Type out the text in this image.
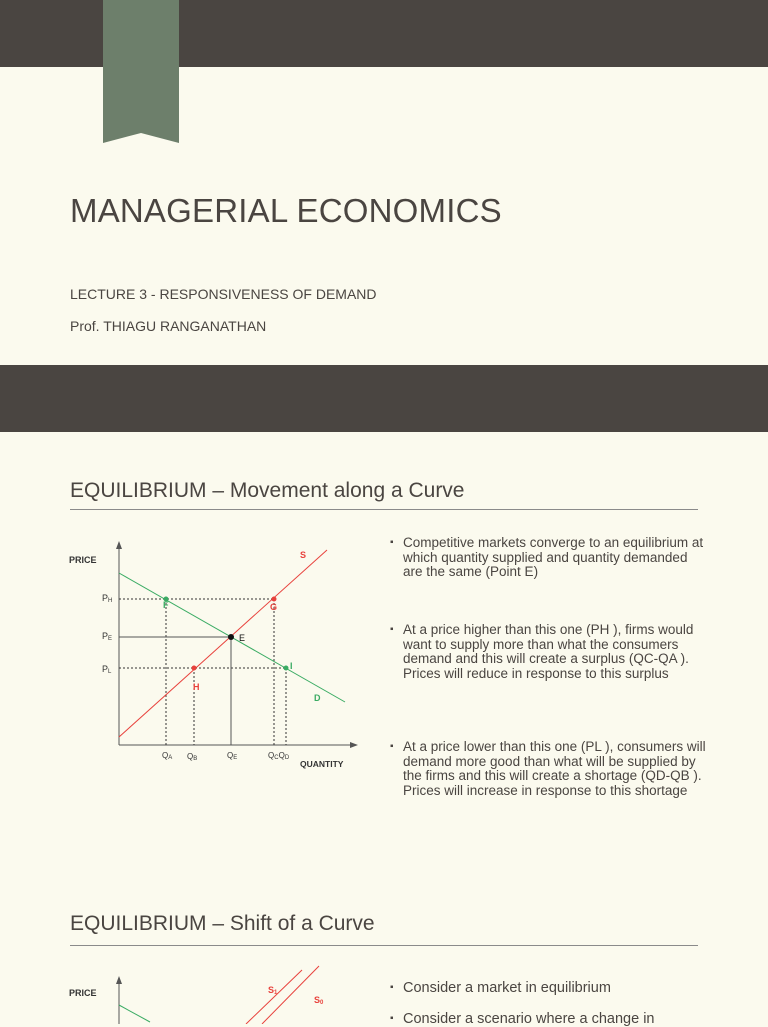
MANAGERIAL ECONOMICS
LECTURE 3 - RESPONSIVENESS OF DEMAND
Prof. THIAGU RANGANATHAN
EQUILIBRIUM – Movement along a Curve
PRICE
QUANTITY
PH
PE
PL
QA QB	QE	QCQD
S
D
E
F	G
H
I
▪ Competitive markets converge to an equilibrium at which quantity supplied and quantity demanded are the same (Point E)
▪ At a price higher than this one (PH ), firms would want to supply more than what the consumers demand and this will create a surplus (QC-QA ). Prices will reduce in response to this surplus
▪ At a price lower than this one (PL ), consumers will demand more good than what will be supplied by the firms and this will create a shortage (QD-QB ). Prices will increase in response to this shortage
EQUILIBRIUM – Shift of a Curve
PRICE	S1
S0
▪ Consider a market in equilibrium
▪ Consider a scenario where a change in
